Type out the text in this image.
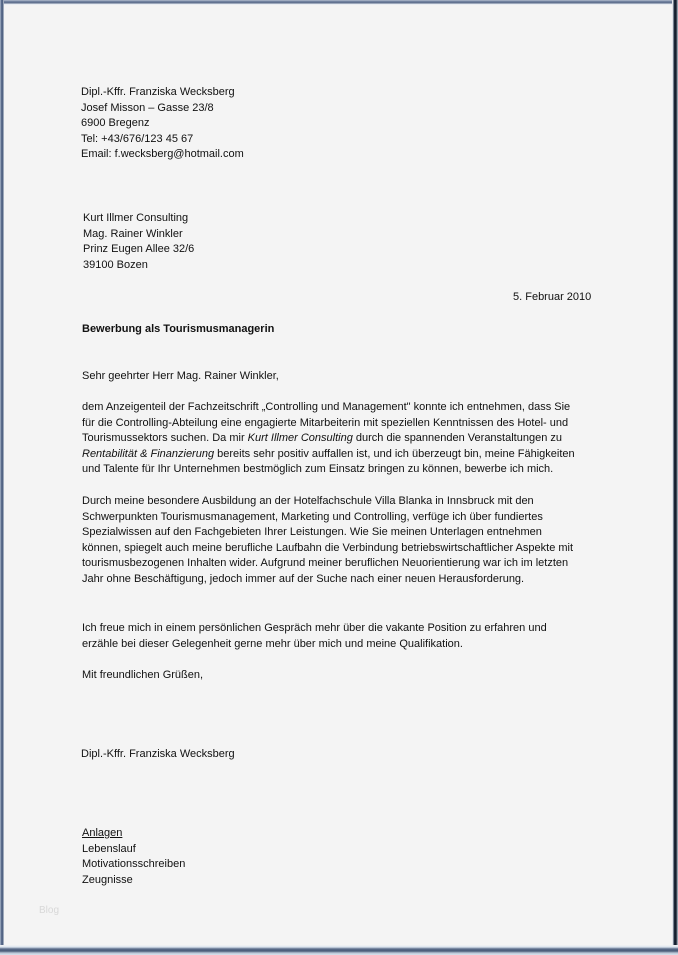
Dipl.-Kffr. Franziska Wecksberg
Josef Misson – Gasse 23/8
6900 Bregenz
Tel: +43/676/123 45 67
Email: f.wecksberg@hotmail.com
Kurt Illmer Consulting
Mag. Rainer Winkler
Prinz Eugen Allee 32/6
39100 Bozen
5. Februar 2010
Bewerbung als Tourismusmanagerin
Sehr geehrter Herr Mag. Rainer Winkler,
dem Anzeigenteil der Fachzeitschrift „Controlling und Management" konnte ich entnehmen, dass Sie
für die Controlling-Abteilung eine engagierte Mitarbeiterin mit speziellen Kenntnissen des Hotel- und
Tourismussektors suchen. Da mir Kurt Illmer Consulting durch die spannenden Veranstaltungen zu
Rentabilität & Finanzierung bereits sehr positiv auffallen ist, und ich überzeugt bin, meine Fähigkeiten
und Talente für Ihr Unternehmen bestmöglich zum Einsatz bringen zu können, bewerbe ich mich.
Durch meine besondere Ausbildung an der Hotelfachschule Villa Blanka in Innsbruck mit den
Schwerpunkten Tourismusmanagement, Marketing und Controlling, verfüge ich über fundiertes
Spezialwissen auf den Fachgebieten Ihrer Leistungen. Wie Sie meinen Unterlagen entnehmen
können, spiegelt auch meine berufliche Laufbahn die Verbindung betriebswirtschaftlicher Aspekte mit
tourismusbezogenen Inhalten wider. Aufgrund meiner beruflichen Neuorientierung war ich im letzten
Jahr ohne Beschäftigung, jedoch immer auf der Suche nach einer neuen Herausforderung.
Ich freue mich in einem persönlichen Gespräch mehr über die vakante Position zu erfahren und
erzähle bei dieser Gelegenheit gerne mehr über mich und meine Qualifikation.
Mit freundlichen Grüßen,
Dipl.-Kffr. Franziska Wecksberg
Anlagen
Lebenslauf
Motivationsschreiben
Zeugnisse
Blog
